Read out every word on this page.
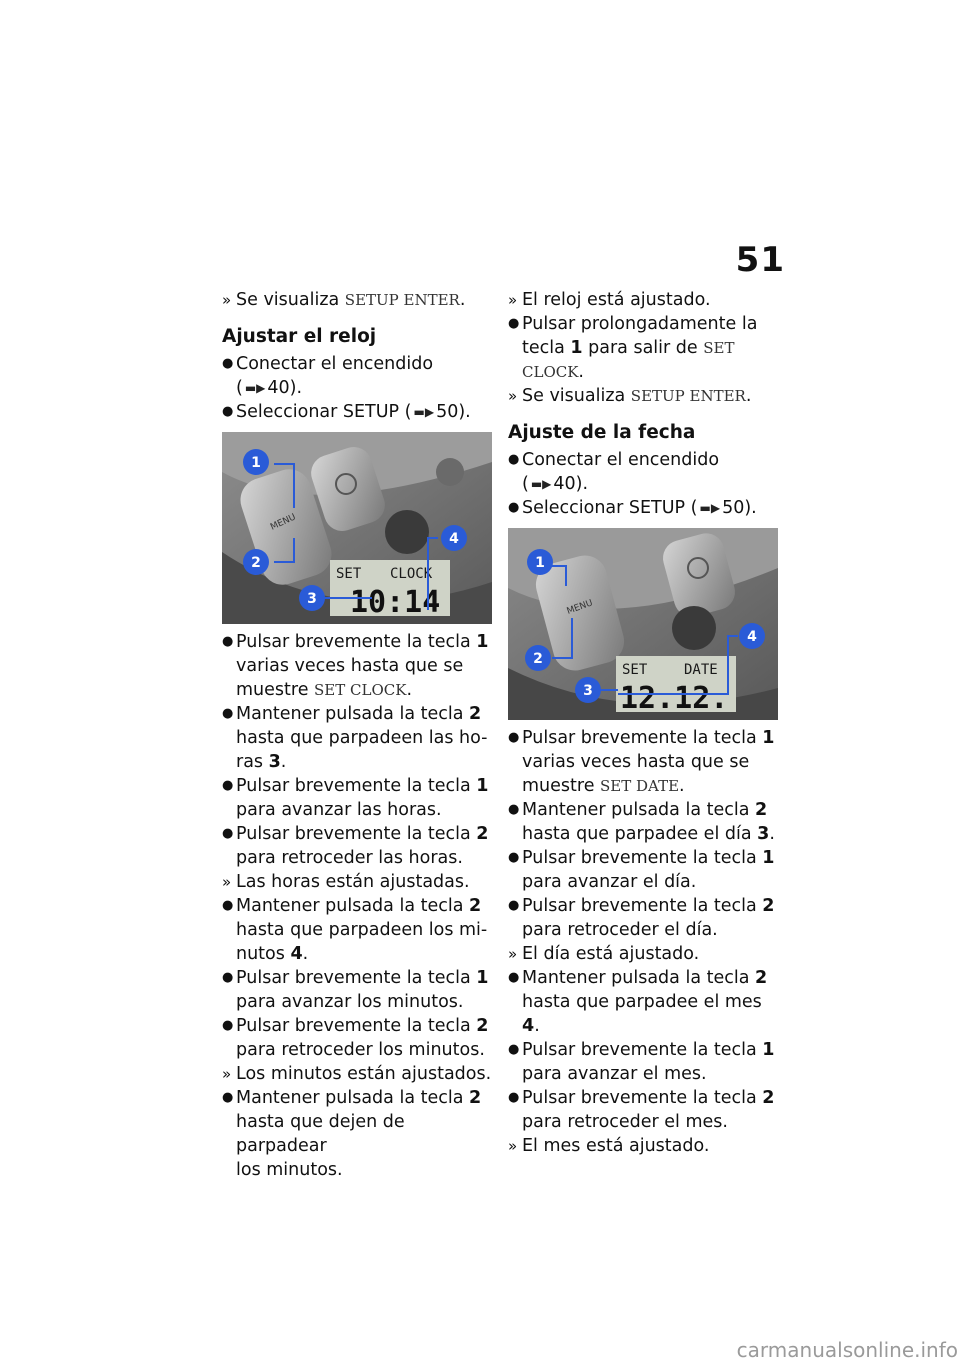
51
» Se visualiza SETUP ENTER.
Ajustar el reloj
● Conectar el encendido
( ▬▶ 40).
● Seleccionar SETUP ( ▬▶ 50).
MENU
SET CLOCK
10:14
1
2
3
4
● Pulsar brevemente la tecla 1
varias veces hasta que se
muestre SET CLOCK.
● Mantener pulsada la tecla 2
hasta que parpadeen las ho-
ras 3.
● Pulsar brevemente la tecla 1
para avanzar las horas.
● Pulsar brevemente la tecla 2
para retroceder las horas.
» Las horas están ajustadas.
● Mantener pulsada la tecla 2
hasta que parpadeen los mi-
nutos 4.
● Pulsar brevemente la tecla 1
para avanzar los minutos.
● Pulsar brevemente la tecla 2
para retroceder los minutos.
» Los minutos están ajustados.
● Mantener pulsada la tecla 2
hasta que dejen de parpadear
los minutos.
» El reloj está ajustado.
● Pulsar prolongadamente la
tecla 1 para salir de SET
CLOCK.
» Se visualiza SETUP ENTER.
Ajuste de la fecha
● Conectar el encendido
( ▬▶ 40).
● Seleccionar SETUP ( ▬▶ 50).
MENU
SET	DATE
12.12.
1
2
3
4
● Pulsar brevemente la tecla 1
varias veces hasta que se
muestre SET DATE.
● Mantener pulsada la tecla 2
hasta que parpadee el día 3.
● Pulsar brevemente la tecla 1
para avanzar el día.
● Pulsar brevemente la tecla 2
para retroceder el día.
» El día está ajustado.
● Mantener pulsada la tecla 2
hasta que parpadee el mes 4.
● Pulsar brevemente la tecla 1
para avanzar el mes.
● Pulsar brevemente la tecla 2
para retroceder el mes.
» El mes está ajustado.
carmanualsonline.info
